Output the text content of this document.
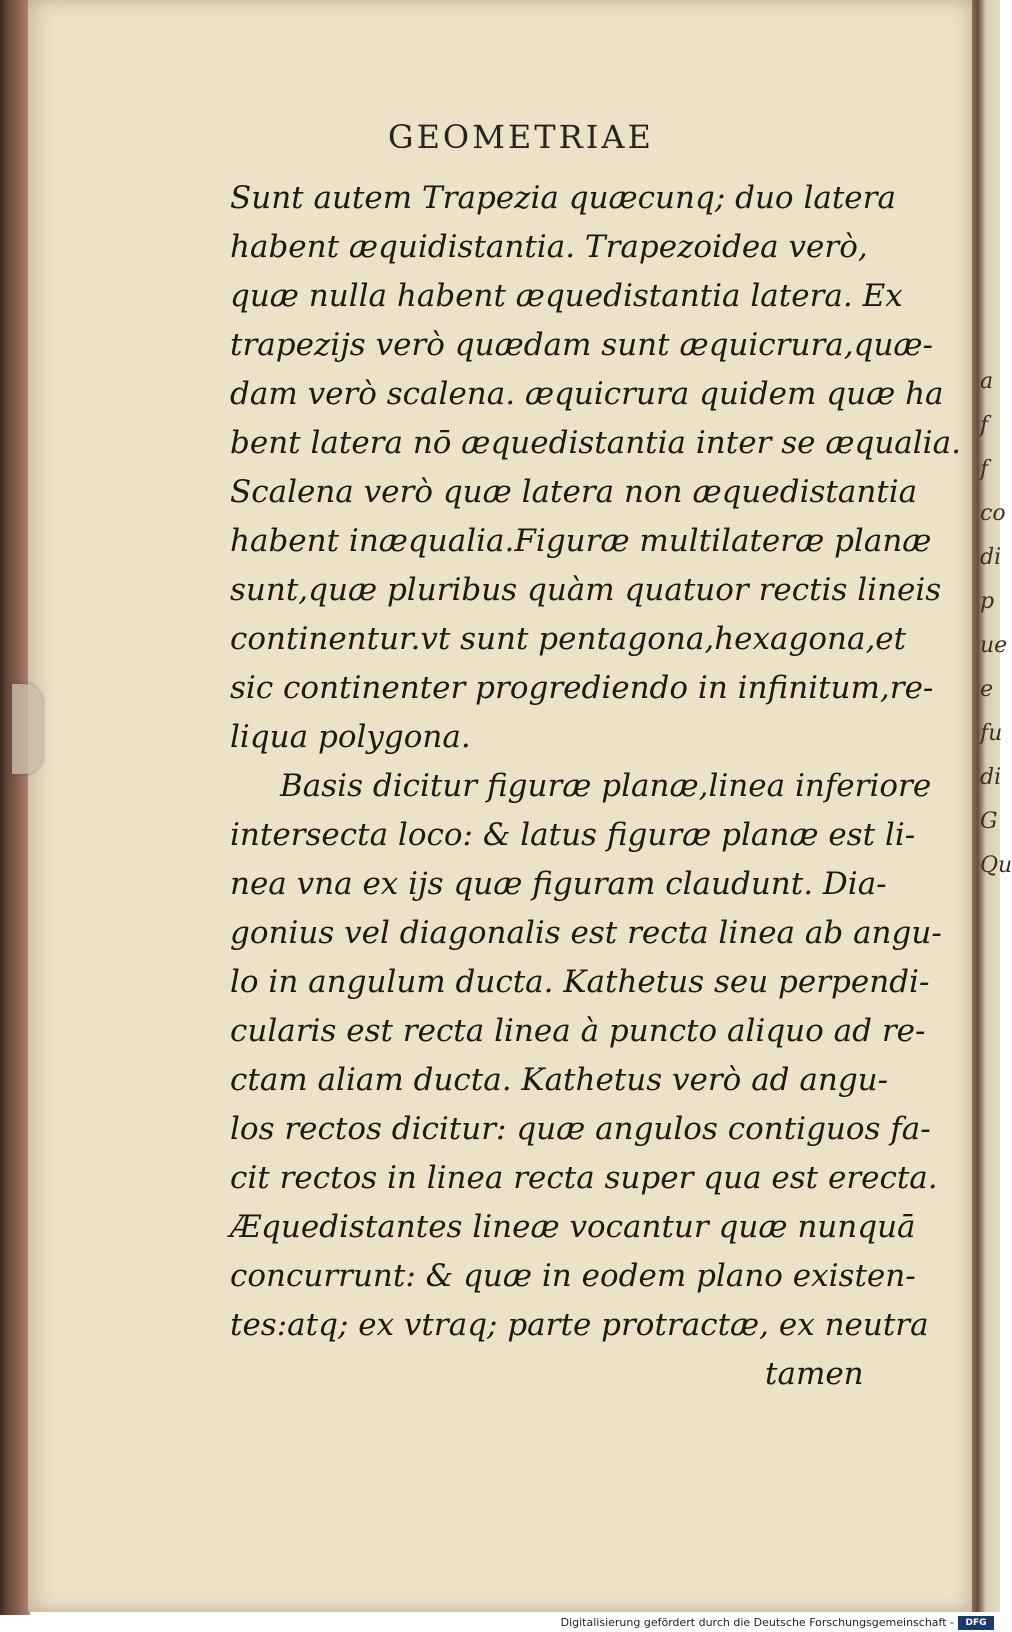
a
f
f
co
di
p
ue
e
fu
di
G
Qu
GEOMETRIAE
Sunt autem Trapezia quæcunq; duo latera
habent æquidistantia. Trapezoidea verò,
quæ nulla habent æquedistantia latera. Ex
trapezijs verò quædam sunt æquicrura,quæ-
dam verò scalena. æquicrura quidem quæ ha
bent latera nō æquedistantia inter se æqualia.
Scalena verò quæ latera non æquedistantia
habent inæqualia.Figuræ multilateræ planæ
sunt,quæ pluribus quàm quatuor rectis lineis
continentur.vt sunt pentagona,hexagona,et
sic continenter progrediendo in infinitum,re-
liqua polygona.
Basis dicitur figuræ planæ,linea inferiore
intersecta loco: & latus figuræ planæ est li-
nea vna ex ijs quæ figuram claudunt. Dia-
gonius vel diagonalis est recta linea ab angu-
lo in angulum ducta. Kathetus seu perpendi-
cularis est recta linea à puncto aliquo ad re-
ctam aliam ducta. Kathetus verò ad angu-
los rectos dicitur: quæ angulos contiguos fa-
cit rectos in linea recta super qua est erecta.
Æquedistantes lineæ vocantur quæ nunquā
concurrunt: & quæ in eodem plano existen-
tes:atq; ex vtraq; parte protractæ, ex neutra
tamen
Digitalisierung gefördert durch die Deutsche Forschungsgemeinschaft -	DFG
